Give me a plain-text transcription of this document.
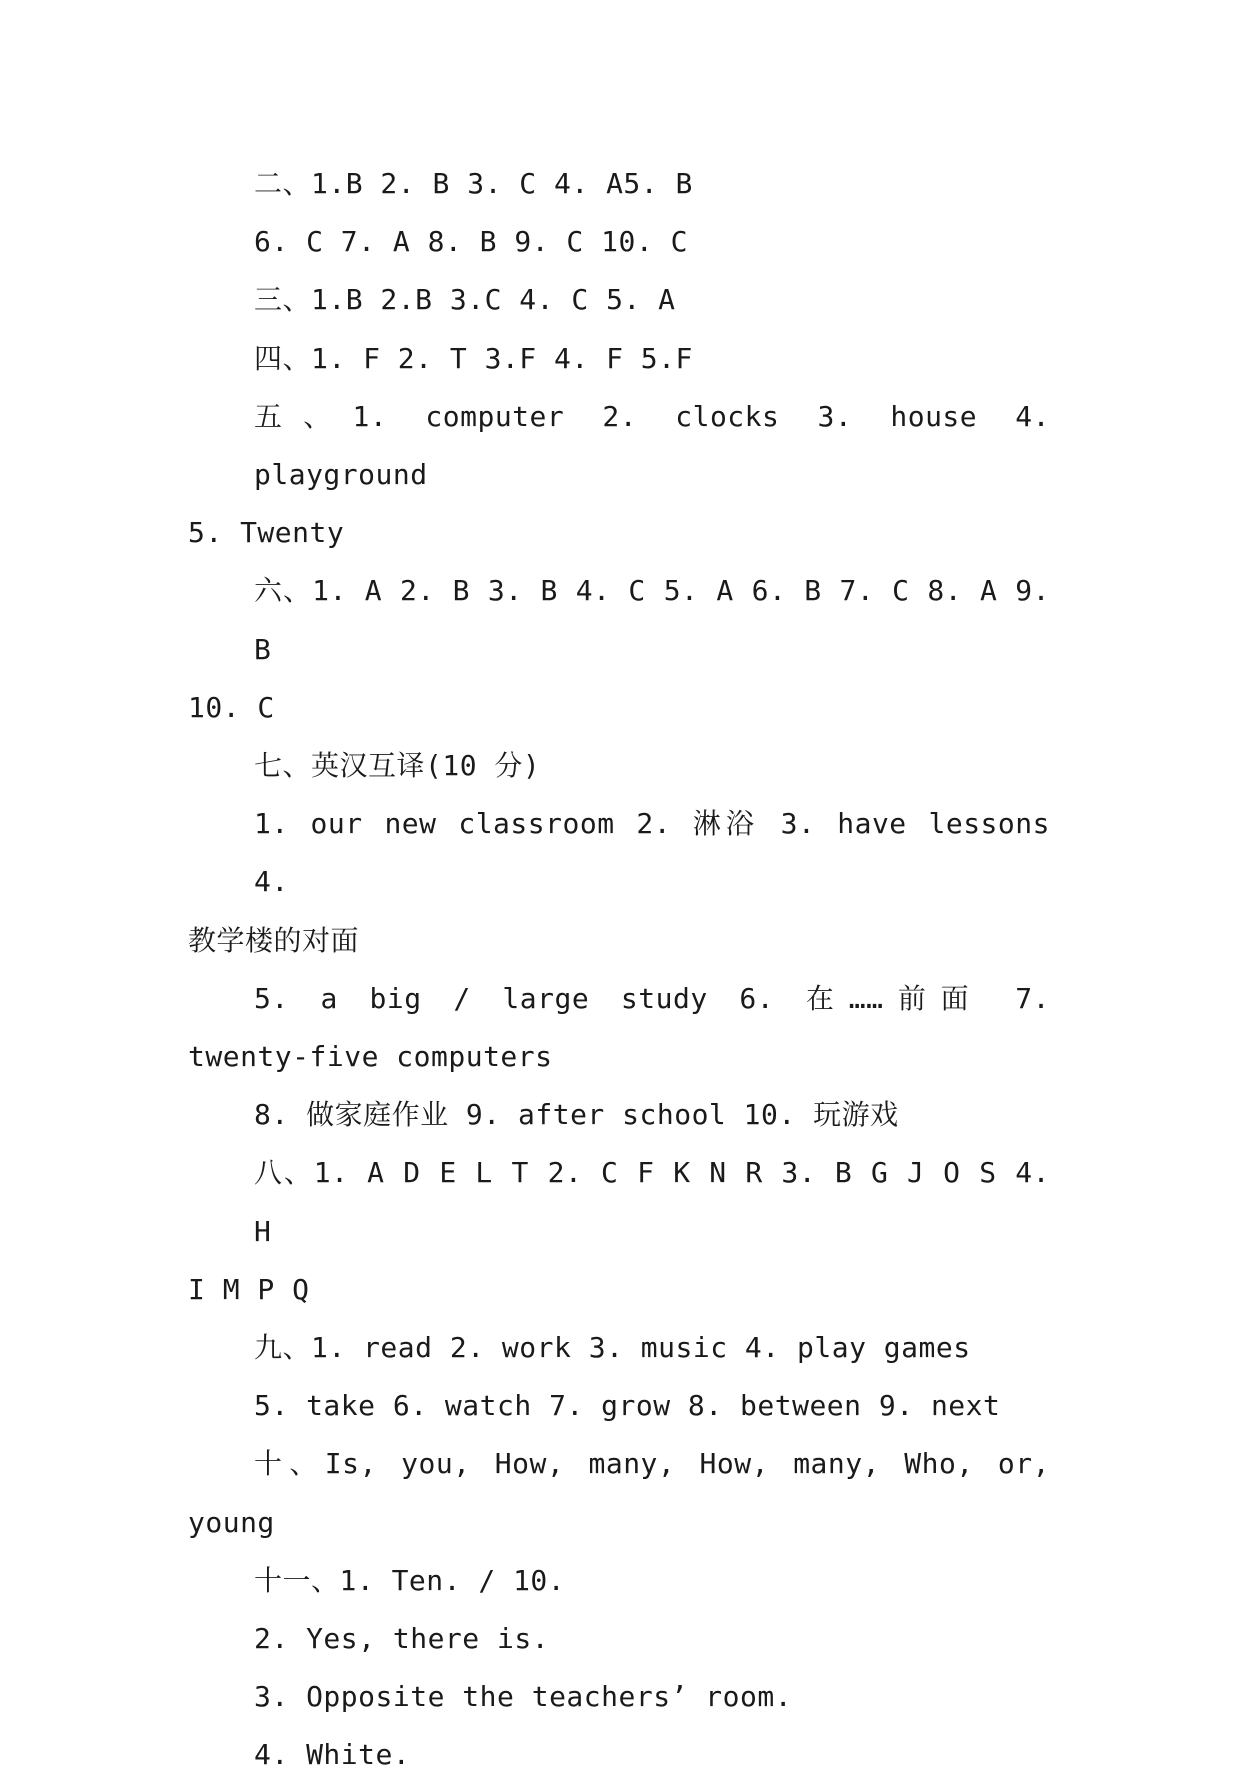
二、1.B 2. B 3. C 4. A5. B

6. C 7. A 8. B 9. C 10. C

三、1.B 2.B 3.C 4. C 5. A

四、1. F 2. T 3.F 4. F 5.F

五、1. computer 2. clocks 3. house 4. playground

5. Twenty

六、1. A 2. B 3. B 4. C 5. A 6. B 7. C 8. A 9. B

10. C

七、英汉互译(10 分)

1. our new classroom 2. 淋浴 3. have lessons 4.

教学楼的对面

5. a big / large study 6. 在……前面 7.

twenty-five computers

8. 做家庭作业 9. after school 10. 玩游戏

八、1. A D E L T 2. C F K N R 3. B G J O S 4. H

I M P Q

九、1. read 2. work 3. music 4. play games

5. take 6. watch 7. grow 8. between 9. next

十、Is, you, How, many, How, many, Who, or,

young

十一、1. Ten. / 10.

2. Yes, there is.

3. Opposite the teachers’ room.

4. White.
